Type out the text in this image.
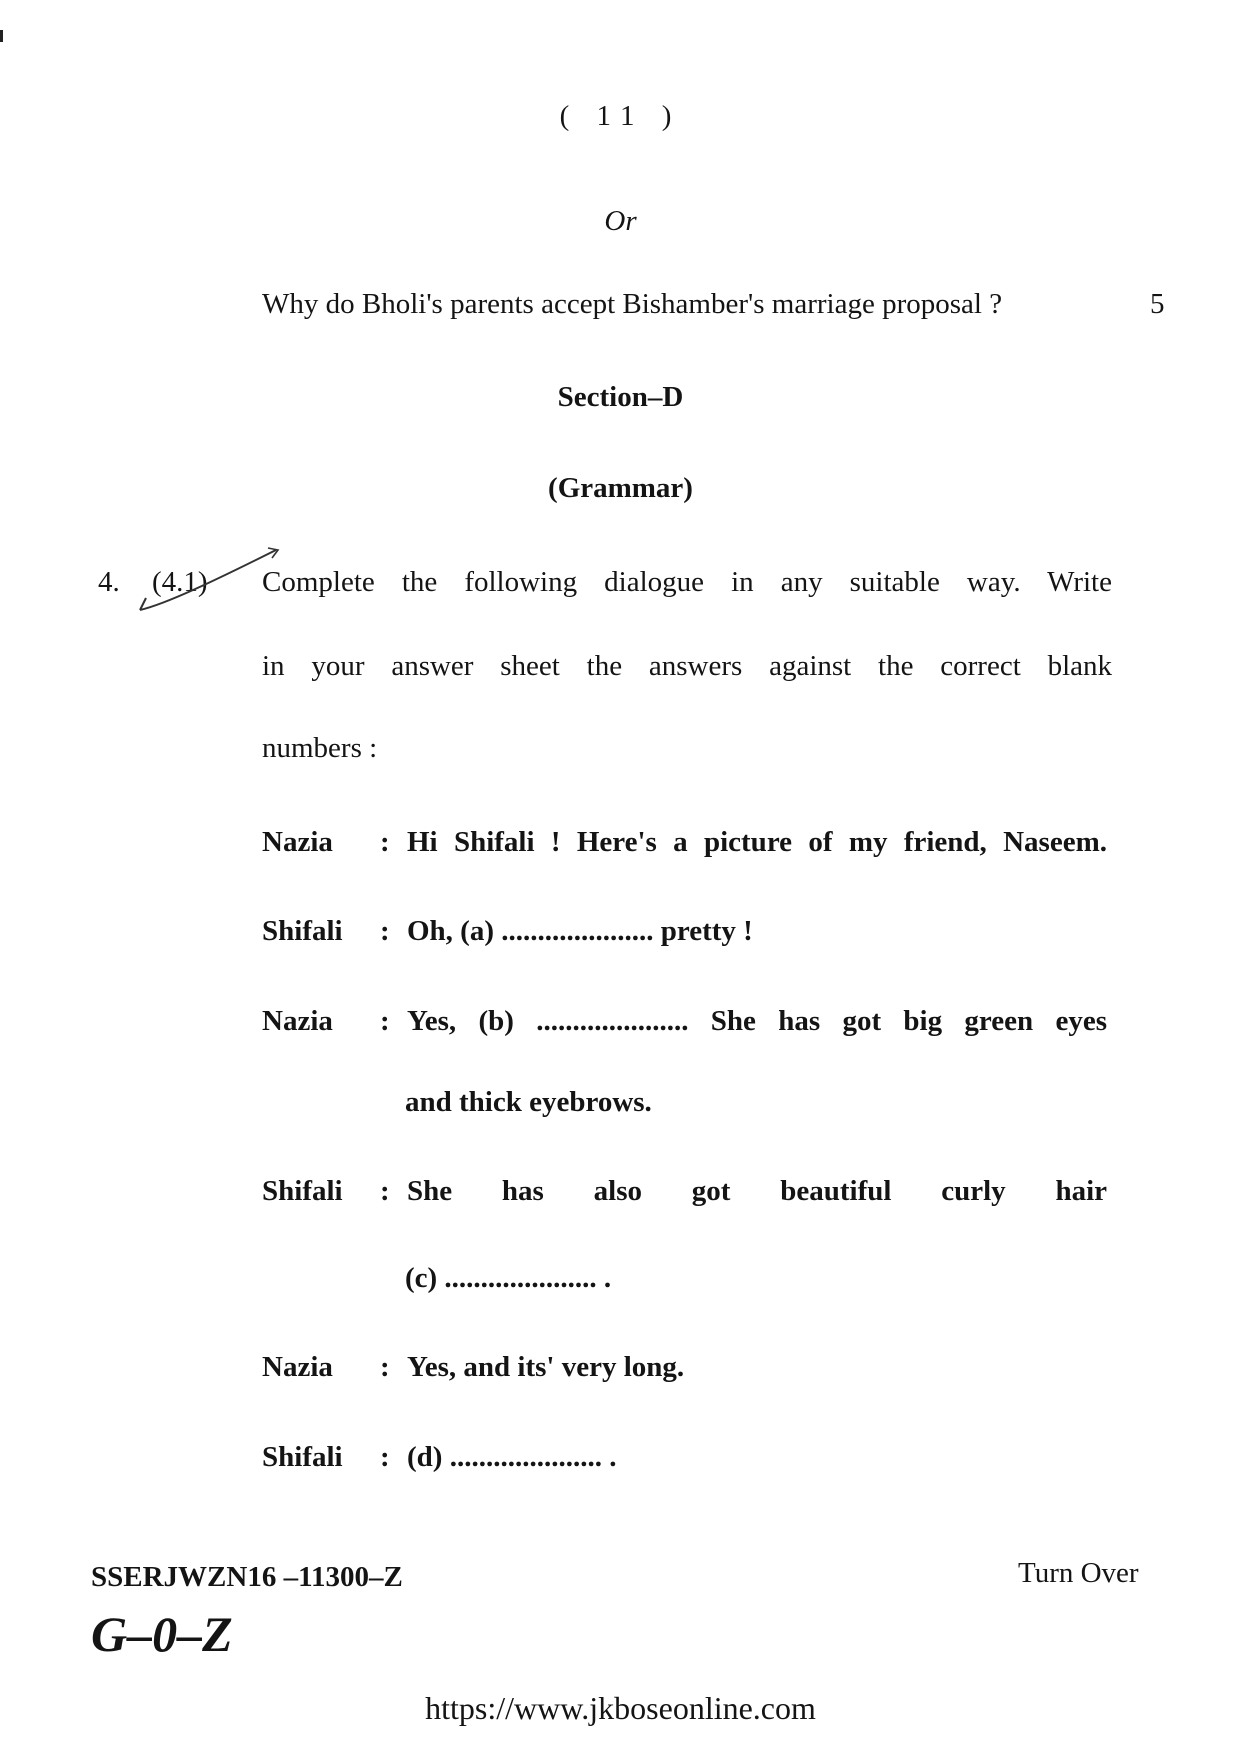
( 11 )
Or
Why do Bholi's parents accept Bishamber's marriage proposal ?	5
Section–D
(Grammar)
4. (4.1) Complete the following dialogue in any suitable way. Write
in your answer sheet the answers against the correct blank
numbers :
Nazia : Hi Shifali ! Here's a picture of my friend, Naseem.
Shifali : Oh, (a) ..................... pretty !
Nazia : Yes, (b) ..................... She has got big green eyes
and thick eyebrows.
Shifali : She has also got beautiful curly hair
(c) ..................... .
Nazia : Yes, and its' very long.
Shifali : (d) ..................... .
SSERJWZN16 –11300–Z	Turn Over
G–0–Z
https://www.jkboseonline.com
